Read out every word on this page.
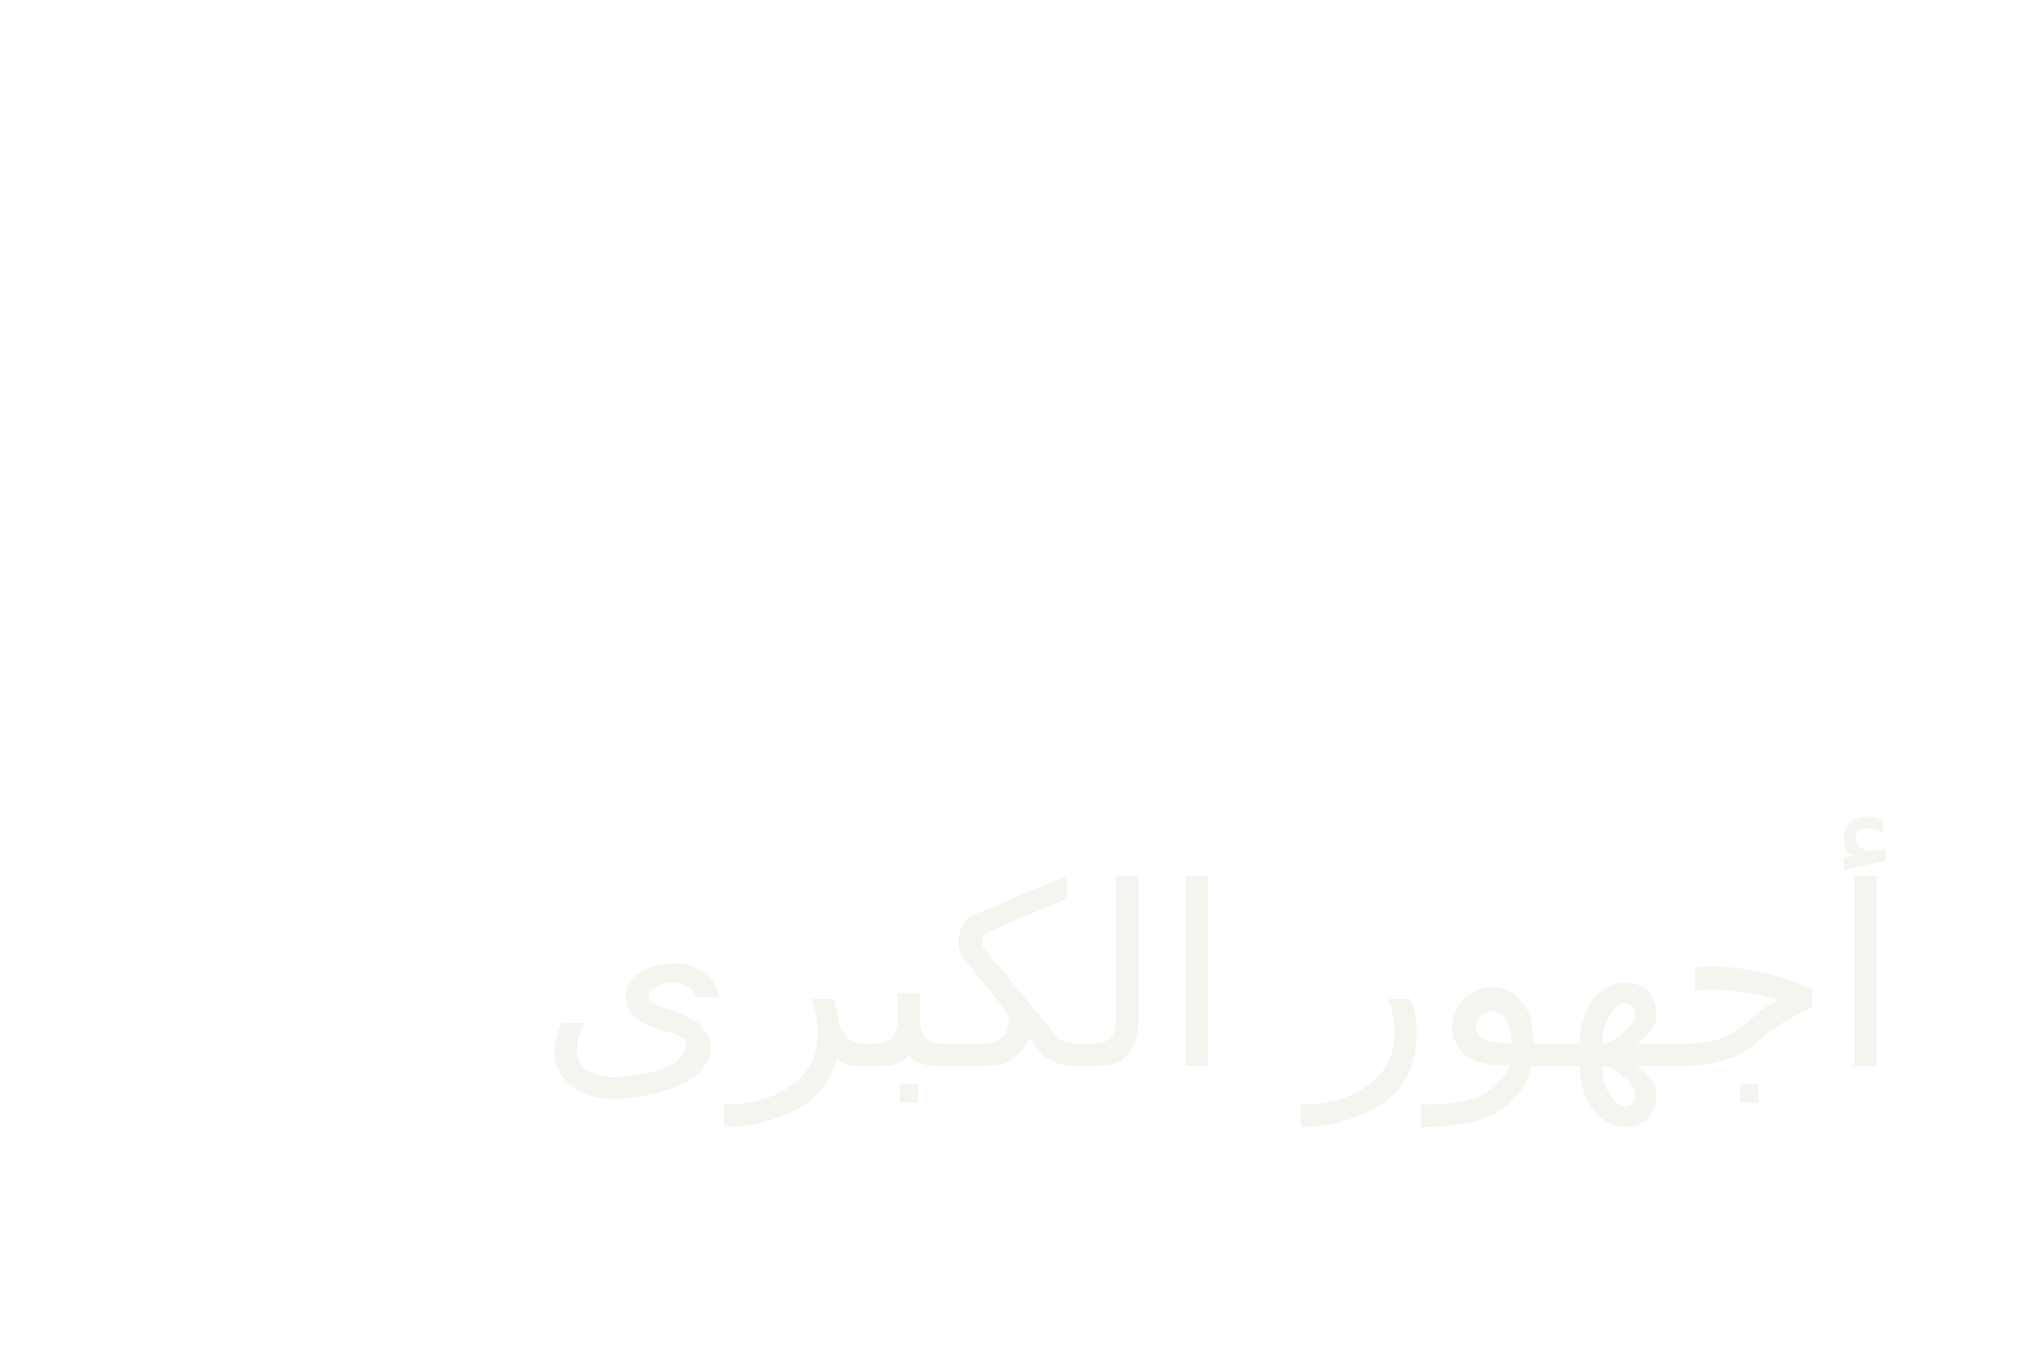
أجهور الكبرى
